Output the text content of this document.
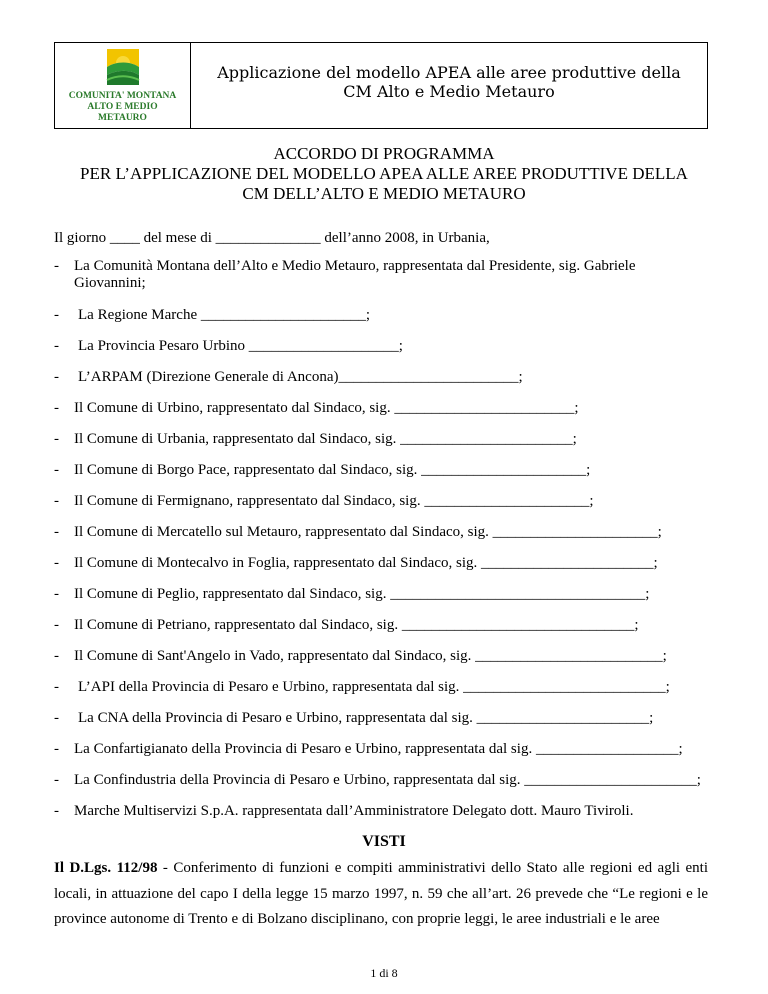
COMUNITA' MONTANA
ALTO E MEDIO
METAURO
Applicazione del modello APEA alle aree produttive della
CM Alto e Medio Metauro
ACCORDO DI PROGRAMMA
PER L’APPLICAZIONE DEL MODELLO APEA ALLE AREE PRODUTTIVE DELLA
CM DELL’ALTO E MEDIO METAURO
Il giorno ____ del mese di ______________ dell’anno 2008, in Urbania,
- La Comunità Montana dell’Alto e Medio Metauro, rappresentata dal Presidente, sig. Gabriele Giovannini;
- La Regione Marche ______________________;
- La Provincia Pesaro Urbino ____________________;
- L’ARPAM (Direzione Generale di Ancona)________________________;
- Il Comune di Urbino, rappresentato dal Sindaco, sig. ________________________;
- Il Comune di Urbania, rappresentato dal Sindaco, sig. _______________________;
- Il Comune di Borgo Pace, rappresentato dal Sindaco, sig. ______________________;
- Il Comune di Fermignano, rappresentato dal Sindaco, sig. ______________________;
- Il Comune di Mercatello sul Metauro, rappresentato dal Sindaco, sig. ______________________;
- Il Comune di Montecalvo in Foglia, rappresentato dal Sindaco, sig. _______________________;
- Il Comune di Peglio, rappresentato dal Sindaco, sig. __________________________________;
- Il Comune di Petriano, rappresentato dal Sindaco, sig. _______________________________;
- Il Comune di Sant'Angelo in Vado, rappresentato dal Sindaco, sig. _________________________;
- L’API della Provincia di Pesaro e Urbino, rappresentata dal sig. ___________________________;
- La CNA della Provincia di Pesaro e Urbino, rappresentata dal sig. _______________________;
- La Confartigianato della Provincia di Pesaro e Urbino, rappresentata dal sig. ___________________;
- La Confindustria della Provincia di Pesaro e Urbino, rappresentata dal sig. _______________________;
- Marche Multiservizi S.p.A. rappresentata dall’Amministratore Delegato dott. Mauro Tiviroli.
VISTI
Il D.Lgs. 112/98 - Conferimento di funzioni e compiti amministrativi dello Stato alle regioni ed agli enti locali, in attuazione del capo I della legge 15 marzo 1997, n. 59 che all’art. 26 prevede che “Le regioni e le province autonome di Trento e di Bolzano disciplinano, con proprie leggi, le aree industriali e le aree
1 di 8
